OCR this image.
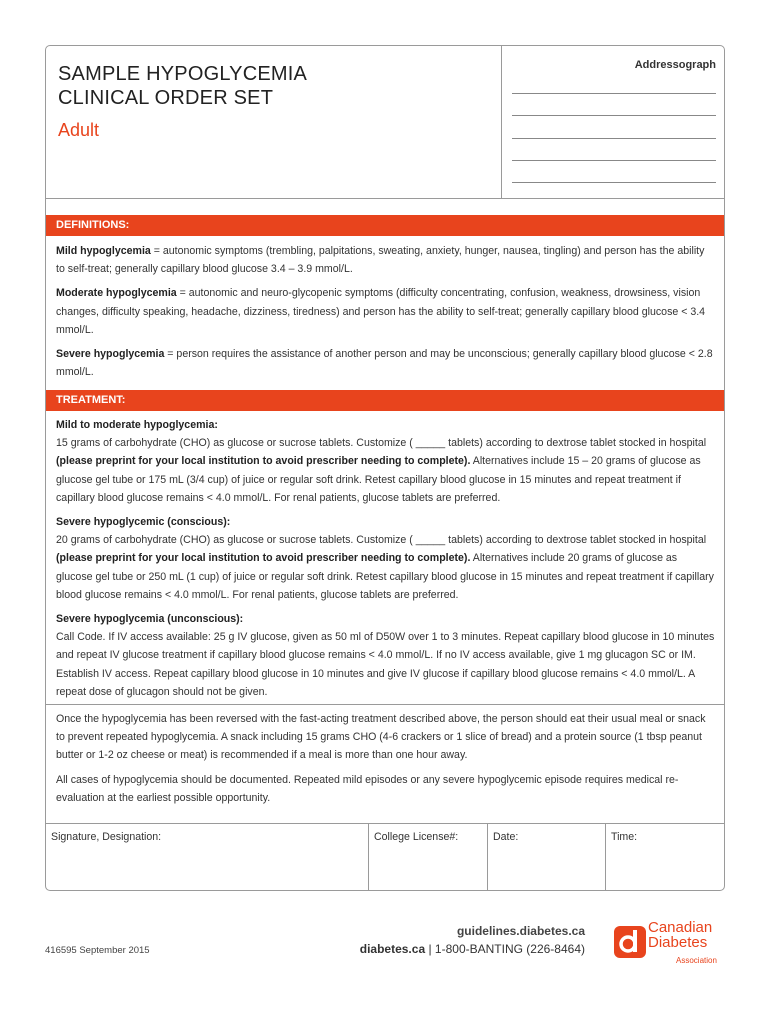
SAMPLE HYPOGLYCEMIA
CLINICAL ORDER SET
Adult
Addressograph
DEFINITIONS:

Mild hypoglycemia = autonomic symptoms (trembling, palpitations, sweating, anxiety, hunger, nausea, tingling) and person has the ability to self-treat; generally capillary blood glucose 3.4 – 3.9 mmol/L.

Moderate hypoglycemia = autonomic and neuro-glycopenic symptoms (difficulty concentrating, confusion, weakness, drowsiness, vision changes, difficulty speaking, headache, dizziness, tiredness) and person has the ability to self-treat; generally capillary blood glucose < 3.4 mmol/L.

Severe hypoglycemia = person requires the assistance of another person and may be unconscious; generally capillary blood glucose < 2.8 mmol/L.

TREATMENT:

Mild to moderate hypoglycemia:
15 grams of carbohydrate (CHO) as glucose or sucrose tablets. Customize ( _____ tablets) according to dextrose tablet stocked in hospital (please preprint for your local institution to avoid prescriber needing to complete). Alternatives include 15 – 20 grams of glucose as glucose gel tube or 175 mL (3/4 cup) of juice or regular soft drink. Retest capillary blood glucose in 15 minutes and repeat treatment if capillary blood glucose remains < 4.0 mmol/L. For renal patients, glucose tablets are preferred.

Severe hypoglycemic (conscious):
20 grams of carbohydrate (CHO) as glucose or sucrose tablets. Customize ( _____ tablets) according to dextrose tablet stocked in hospital (please preprint for your local institution to avoid prescriber needing to complete). Alternatives include 20 grams of glucose as glucose gel tube or 250 mL (1 cup) of juice or regular soft drink. Retest capillary blood glucose in 15 minutes and repeat treatment if capillary blood glucose remains < 4.0 mmol/L. For renal patients, glucose tablets are preferred.

Severe hypoglycemia (unconscious):
Call Code. If IV access available: 25 g IV glucose, given as 50 ml of D50W over 1 to 3 minutes. Repeat capillary blood glucose in 10 minutes and repeat IV glucose treatment if capillary blood glucose remains < 4.0 mmol/L. If no IV access available, give 1 mg glucagon SC or IM. Establish IV access. Repeat capillary blood glucose in 10 minutes and give IV glucose if capillary blood glucose remains < 4.0 mmol/L. A repeat dose of glucagon should not be given.

Once the hypoglycemia has been reversed with the fast-acting treatment described above, the person should eat their usual meal or snack to prevent repeated hypoglycemia. A snack including 15 grams CHO (4-6 crackers or 1 slice of bread) and a protein source (1 tbsp peanut butter or 1-2 oz cheese or meat) is recommended if a meal is more than one hour away.

All cases of hypoglycemia should be documented. Repeated mild episodes or any severe hypoglycemic episode requires medical re-evaluation at the earliest possible opportunity.

Signature, Designation:	College License#:	Date:	Time:
416595 September 2015
guidelines.diabetes.ca
diabetes.ca | 1-800-BANTING (226-8464)
Canadian
Diabetes
Association
